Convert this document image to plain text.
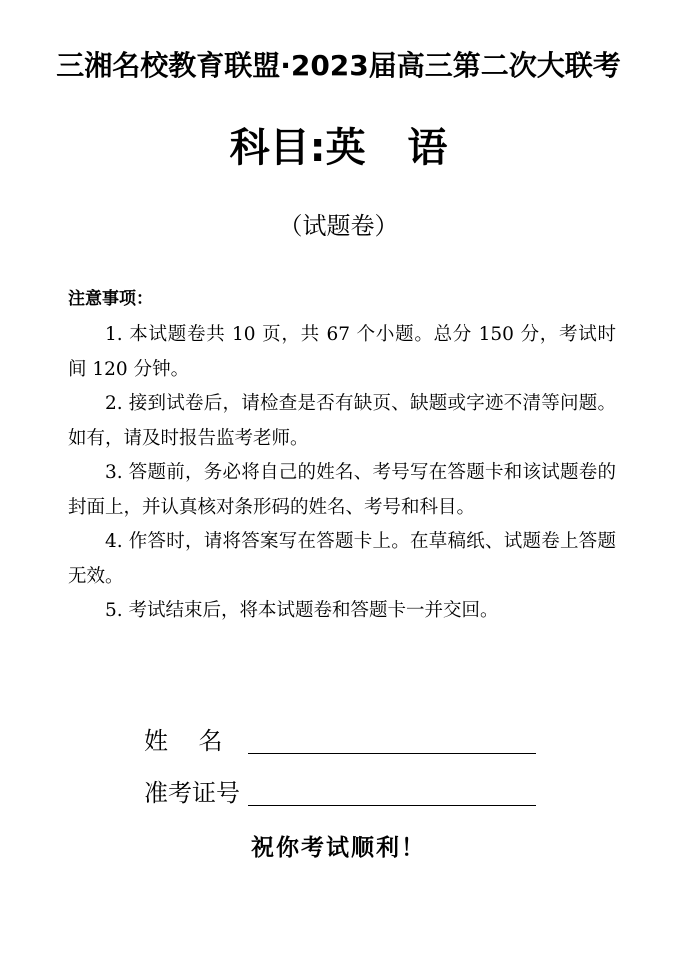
三湘名校教育联盟·2023届高三第二次大联考
科目:英   语
（试题卷）

注意事项：

1. 本试题卷共 10 页，共 67 个小题。总分 150 分，考试时间 120 分钟。

2. 接到试卷后，请检查是否有缺页、缺题或字迹不清等问题。如有，请及时报告监考老师。

3. 答题前，务必将自己的姓名、考号写在答题卡和该试题卷的封面上，并认真核对条形码的姓名、考号和科目。

4. 作答时，请将答案写在答题卡上。在草稿纸、试题卷上答题无效。

5. 考试结束后，将本试题卷和答题卡一并交回。

姓    名
准考证号
祝你考试顺利！
